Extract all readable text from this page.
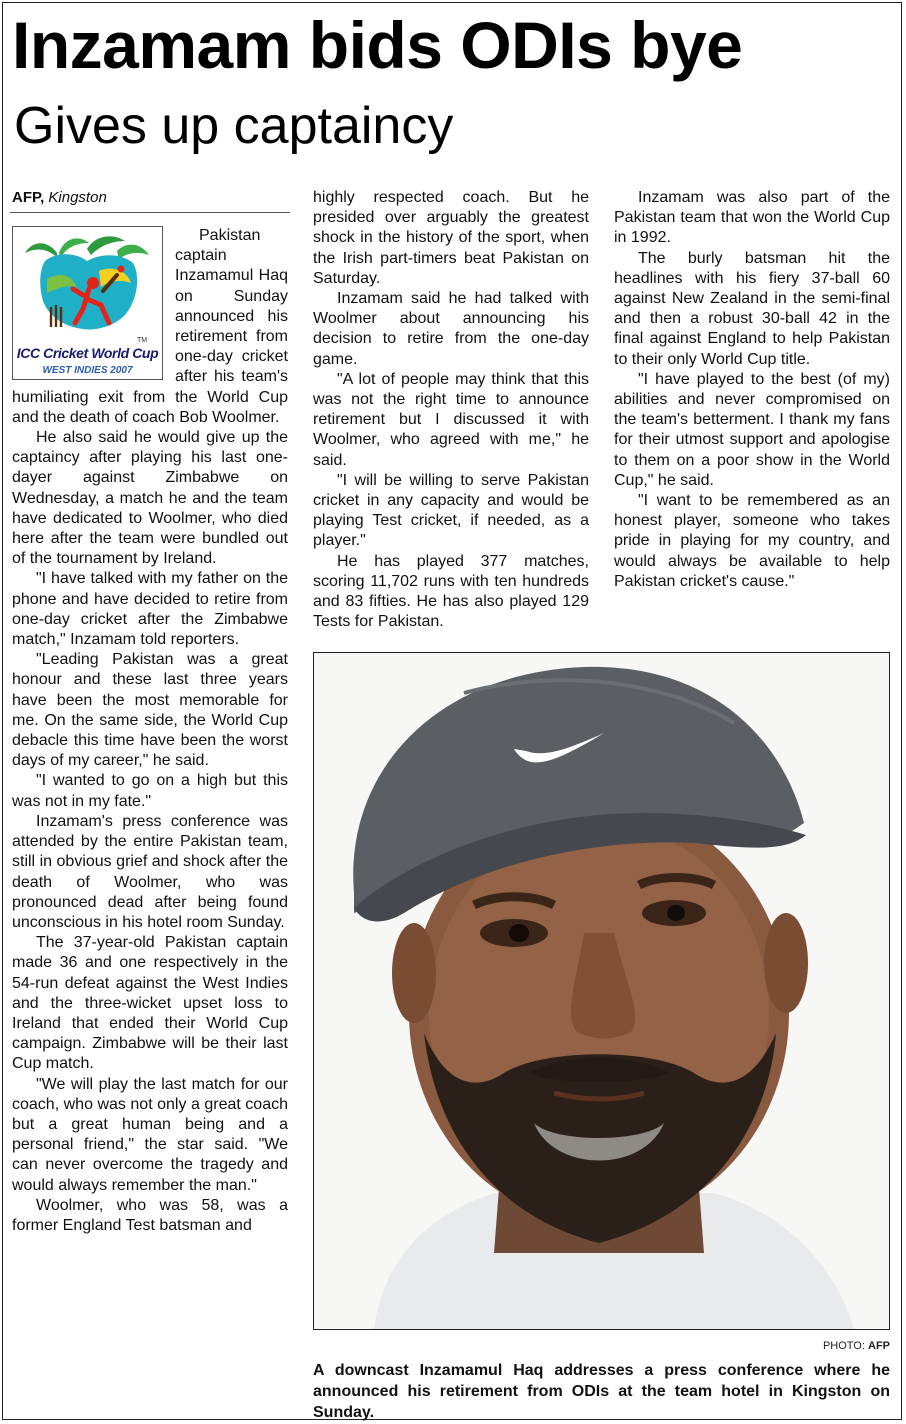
Inzamam bids ODIs bye
Gives up captaincy
AFP, Kingston
TM
ICC Cricket World Cup
WEST INDIES 2007

Pakistan captain Inzamamul Haq on Sunday announced his retirement from one-day cricket after his team's humiliating exit from the World Cup and the death of coach Bob Woolmer.

He also said he would give up the captaincy after playing his last one-dayer against Zimbabwe on Wednesday, a match he and the team have dedicated to Woolmer, who died here after the team were bundled out of the tournament by Ireland.

"I have talked with my father on the phone and have decided to retire from one-day cricket after the Zimbabwe match," Inzamam told reporters.

"Leading Pakistan was a great honour and these last three years have been the most memorable for me. On the same side, the World Cup debacle this time have been the worst days of my career," he said.

"I wanted to go on a high but this was not in my fate."

Inzamam's press conference was attended by the entire Pakistan team, still in obvious grief and shock after the death of Woolmer, who was pronounced dead after being found unconscious in his hotel room Sunday.

The 37-year-old Pakistan captain made 36 and one respectively in the 54-run defeat against the West Indies and the three-wicket upset loss to Ireland that ended their World Cup campaign. Zimbabwe will be their last Cup match.

"We will play the last match for our coach, who was not only a great coach but a great human being and a personal friend," the star said. "We can never overcome the tragedy and would always remember the man."

Woolmer, who was 58, was a former England Test batsman and

highly respected coach. But he presided over arguably the greatest shock in the history of the sport, when the Irish part-timers beat Pakistan on Saturday.

Inzamam said he had talked with Woolmer about announcing his decision to retire from the one-day game.

"A lot of people may think that this was not the right time to announce retirement but I discussed it with Woolmer, who agreed with me," he said.

"I will be willing to serve Pakistan cricket in any capacity and would be playing Test cricket, if needed, as a player."

He has played 377 matches, scoring 11,702 runs with ten hundreds and 83 fifties. He has also played 129 Tests for Pakistan.

Inzamam was also part of the Pakistan team that won the World Cup in 1992.

The burly batsman hit the headlines with his fiery 37-ball 60 against New Zealand in the semi-final and then a robust 30-ball 42 in the final against England to help Pakistan to their only World Cup title.

"I have played to the best (of my) abilities and never compromised on the team's betterment. I thank my fans for their utmost support and apologise to them on a poor show in the World Cup," he said.

"I want to be remembered as an honest player, someone who takes pride in playing for my country, and would always be available to help Pakistan cricket's cause."

PHOTO: AFP
A downcast Inzamamul Haq addresses a press conference where he announced his retirement from ODIs at the team hotel in Kingston on Sunday.
